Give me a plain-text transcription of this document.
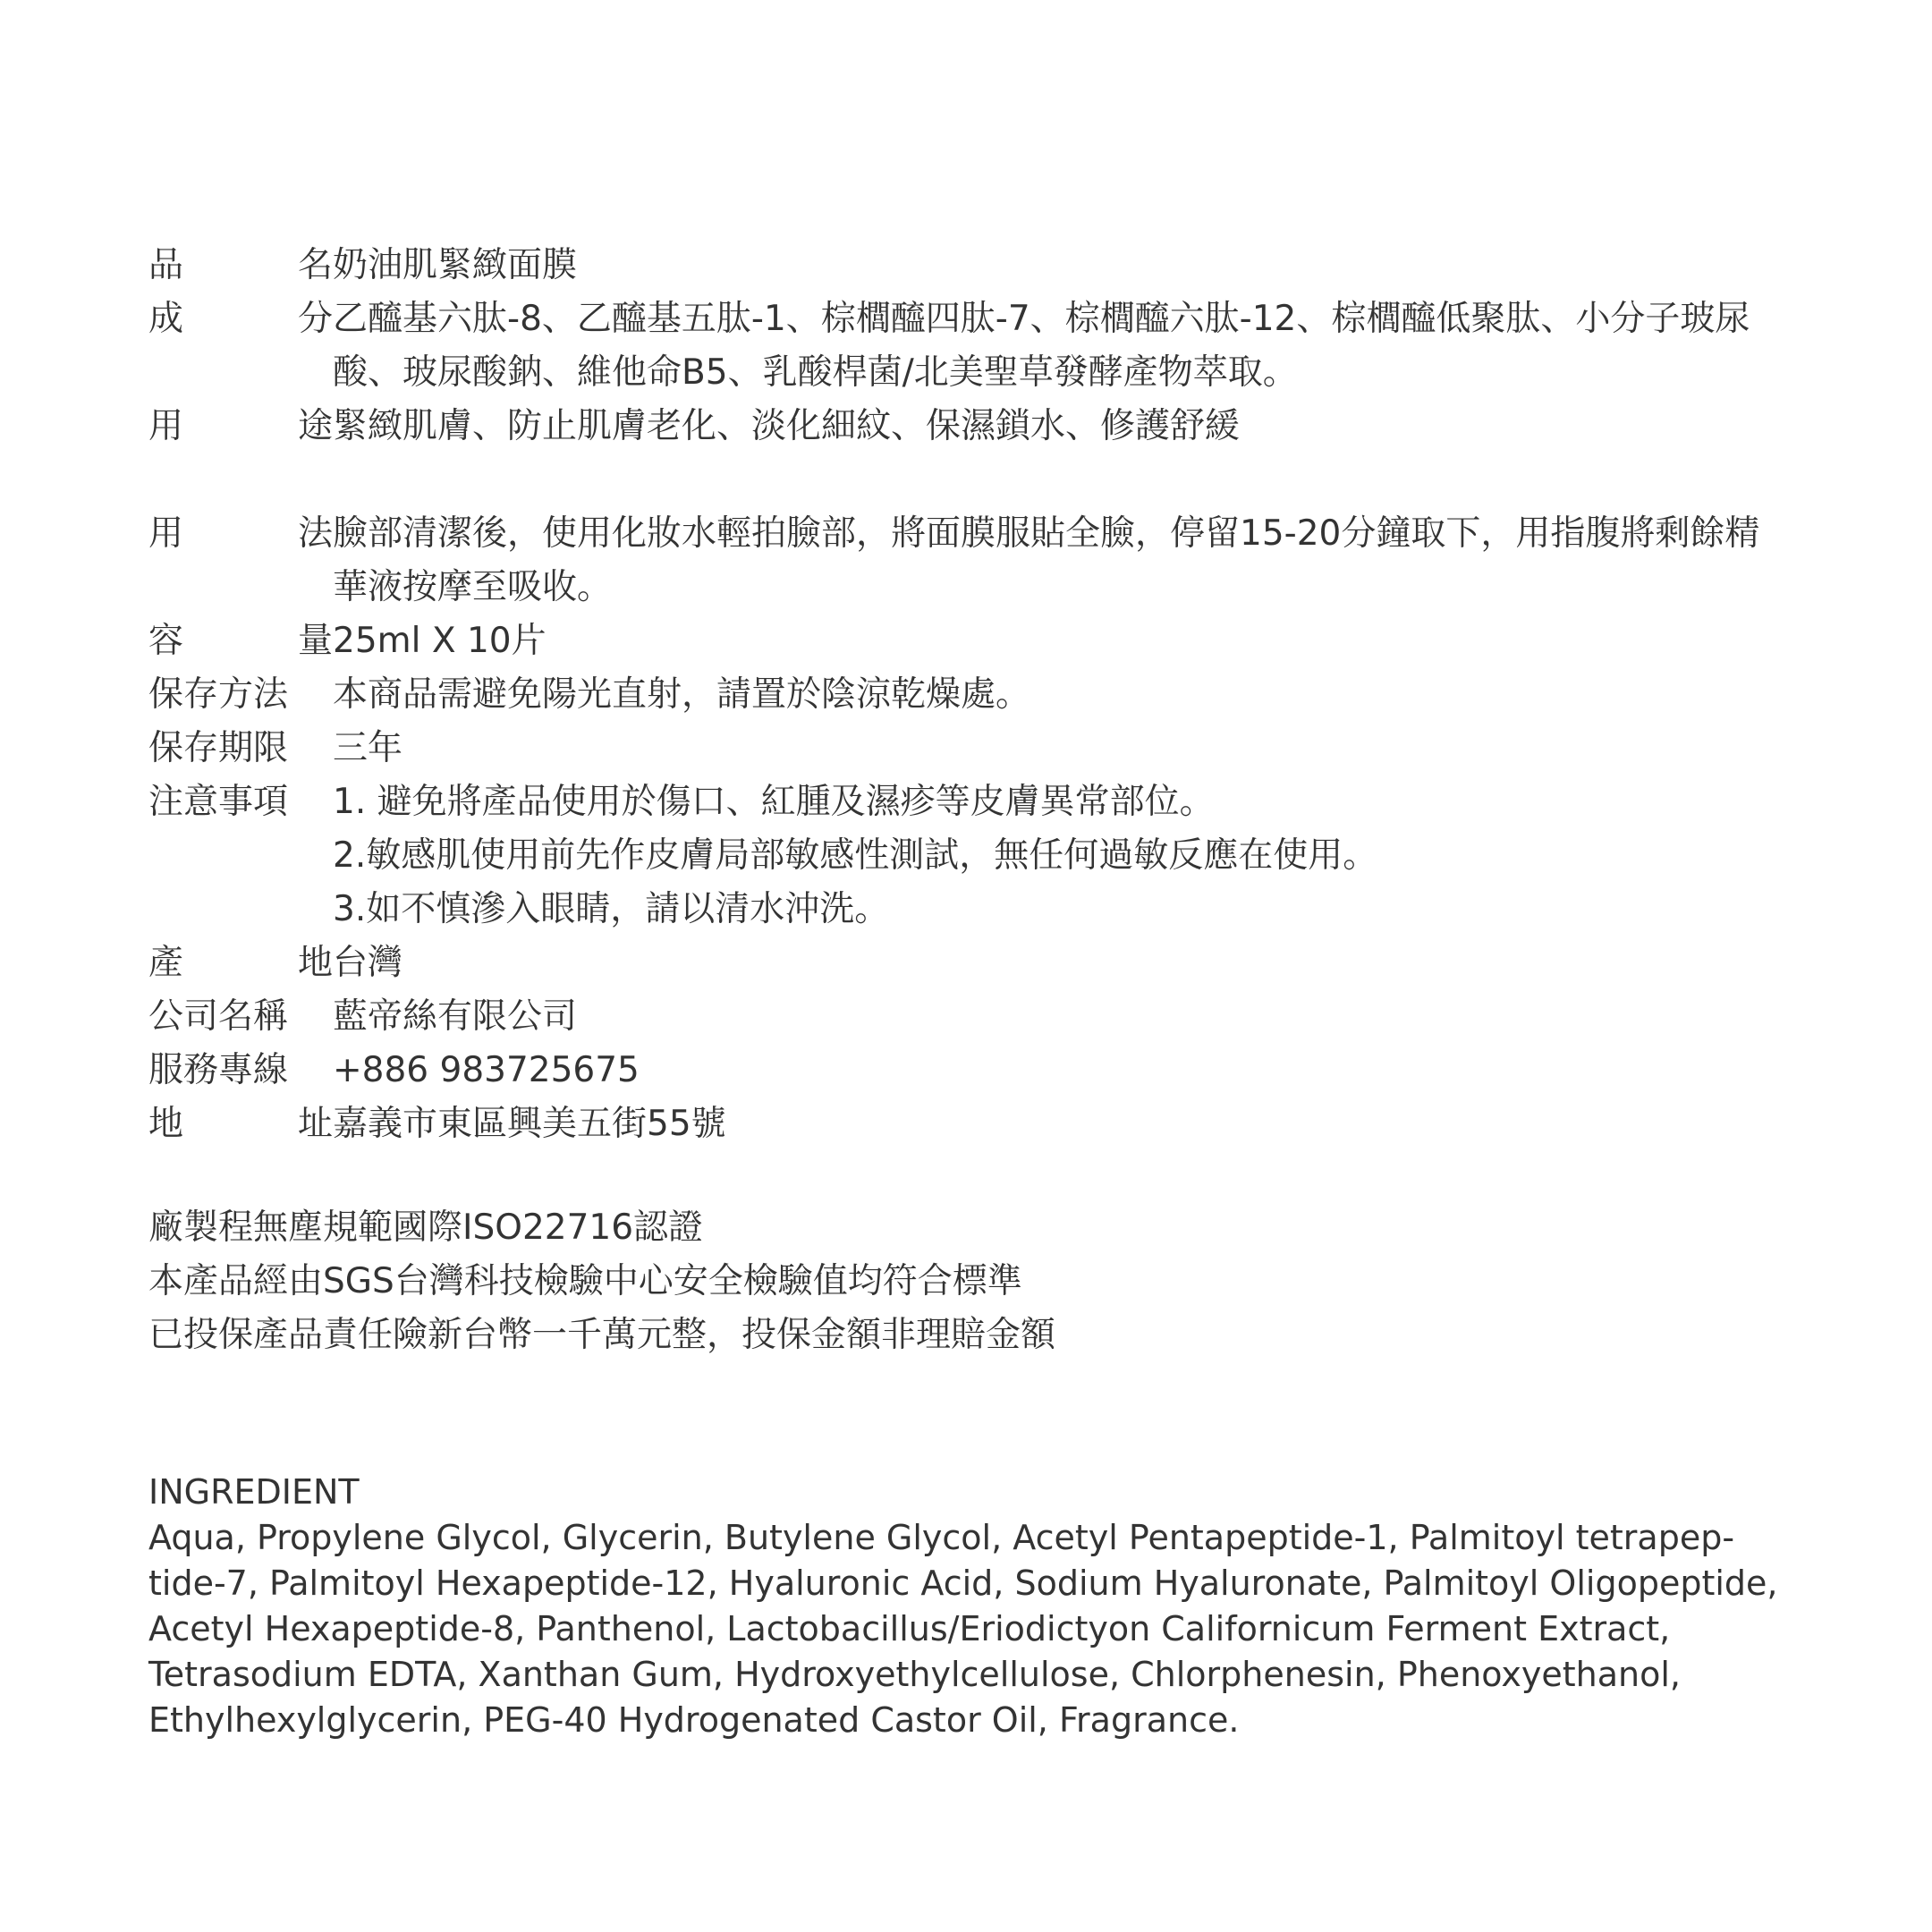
品	名 奶油肌緊緻面膜
成	分 乙醯基六肽-8、乙醯基五肽-1、棕櫚醯四肽-7、棕櫚醯六肽-12、棕櫚醯低聚肽、小分子玻尿
酸、玻尿酸鈉、維他命B5、乳酸桿菌/北美聖草發酵產物萃取。
用	途 緊緻肌膚、防止肌膚老化、淡化細紋、保濕鎖水、修護舒緩
用	法 臉部清潔後，使用化妝水輕拍臉部，將面膜服貼全臉，停留15-20分鐘取下，用指腹將剩餘精
華液按摩至吸收。
容	量 25ml X 10片
保存方法 本商品需避免陽光直射，請置於陰涼乾燥處。
保存期限 三年
注意事項 1. 避免將產品使用於傷口、紅腫及濕疹等皮膚異常部位。
2.敏感肌使用前先作皮膚局部敏感性測試，無任何過敏反應在使用。
3.如不慎滲入眼睛，請以清水沖洗。
產	地 台灣
公司名稱 藍帝絲有限公司
服務專線 +886 983725675
地	址 嘉義市東區興美五街55號
廠製程無塵規範國際ISO22716認證
本產品經由SGS台灣科技檢驗中心安全檢驗值均符合標準
已投保產品責任險新台幣一千萬元整，投保金額非理賠金額
INGREDIENT
Aqua, Propylene Glycol, Glycerin, Butylene Glycol, Acetyl Pentapeptide-1, Palmitoyl tetrapep-
tide-7, Palmitoyl Hexapeptide-12, Hyaluronic Acid, Sodium Hyaluronate, Palmitoyl Oligopeptide,
Acetyl Hexapeptide-8, Panthenol, Lactobacillus/Eriodictyon Californicum Ferment Extract,
Tetrasodium EDTA, Xanthan Gum, Hydroxyethylcellulose, Chlorphenesin, Phenoxyethanol,
Ethylhexylglycerin, PEG-40 Hydrogenated Castor Oil, Fragrance.
